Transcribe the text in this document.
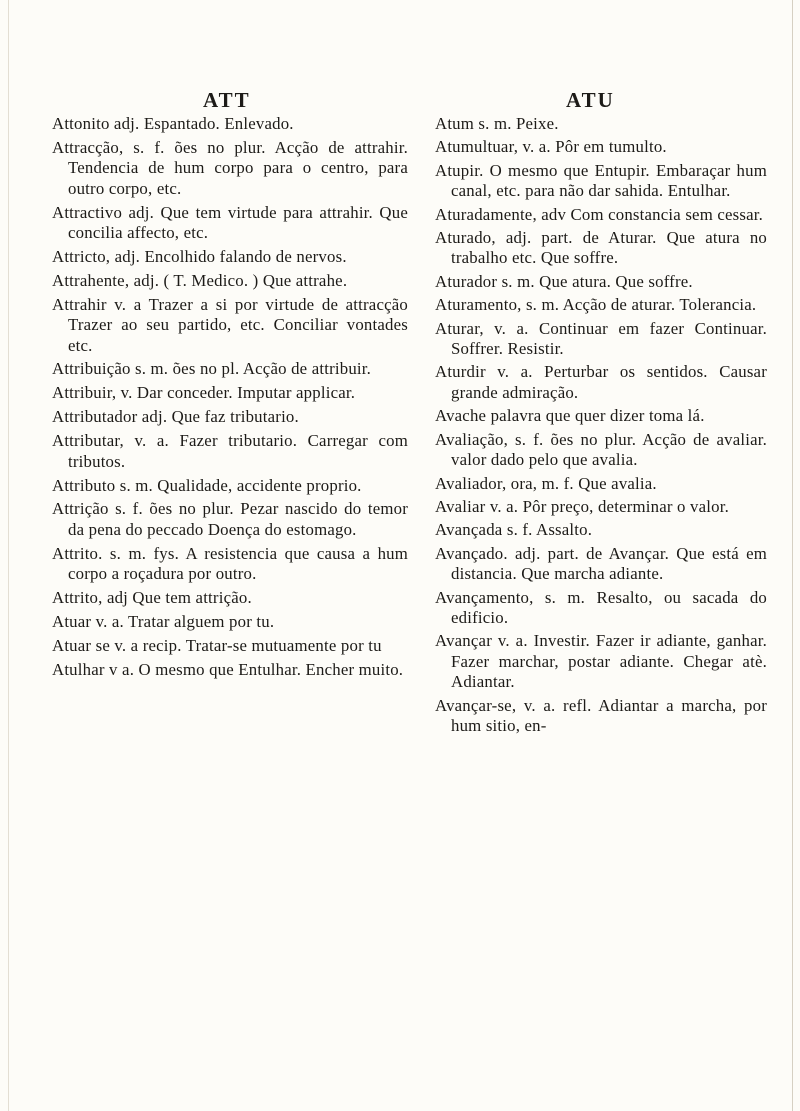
ATT	ATU
Attonito adj. Espantado. Enlevado.
Attracção, s. f. ões no plur. Acção de attrahir. Tendencia de hum corpo para o centro, para outro corpo, etc.
Attractivo adj. Que tem virtude para attrahir. Que concilia affecto, etc.
Attricto, adj. Encolhido falando de nervos.
Attrahente, adj. ( T. Medico. ) Que attrahe.
Attrahir v. a Trazer a si por virtude de attracção Trazer ao seu partido, etc. Conciliar vontades etc.
Attribuição s. m. ões no pl. Acção de attribuir.
Attribuir, v. Dar conceder. Imputar applicar.
Attributador adj. Que faz tributario.
Attributar, v. a. Fazer tributario. Carregar com tributos.
Attributo s. m. Qualidade, accidente proprio.
Attrição s. f. ões no plur. Pezar nascido do temor da pena do peccado Doença do estomago.
Attrito. s. m. fys. A resistencia que causa a hum corpo a roçadura por outro.
Attrito, adj Que tem attrição.
Atuar v. a. Tratar alguem por tu.
Atuar se v. a recip. Tratar-se mutuamente por tu
Atulhar v a. O mesmo que Entulhar. Encher muito.
Atum s. m. Peixe.
Atumultuar, v. a. Pôr em tumulto.
Atupir. O mesmo que Entupir. Embaraçar hum canal, etc. para não dar sahida. Entulhar.
Aturadamente, adv Com constancia sem cessar.
Aturado, adj. part. de Aturar. Que atura no trabalho etc. Que soffre.
Aturador s. m. Que atura. Que soffre.
Aturamento, s. m. Acção de aturar. Tolerancia.
Aturar, v. a. Continuar em fazer Continuar. Soffrer. Resistir.
Aturdir v. a. Perturbar os sentidos. Causar grande admiração.
Avache palavra que quer dizer toma lá.
Avaliação, s. f. ões no plur. Acção de avaliar. valor dado pelo que avalia.
Avaliador, ora, m. f. Que avalia.
Avaliar v. a. Pôr preço, determinar o valor.
Avançada s. f. Assalto.
Avançado. adj. part. de Avançar. Que está em distancia. Que marcha adiante.
Avançamento, s. m. Resalto, ou sacada do edificio.
Avançar v. a. Investir. Fazer ir adiante, ganhar. Fazer marchar, postar adiante. Chegar atè. Adiantar.
Avançar-se, v. a. refl. Adiantar a marcha, por hum sitio, en-
